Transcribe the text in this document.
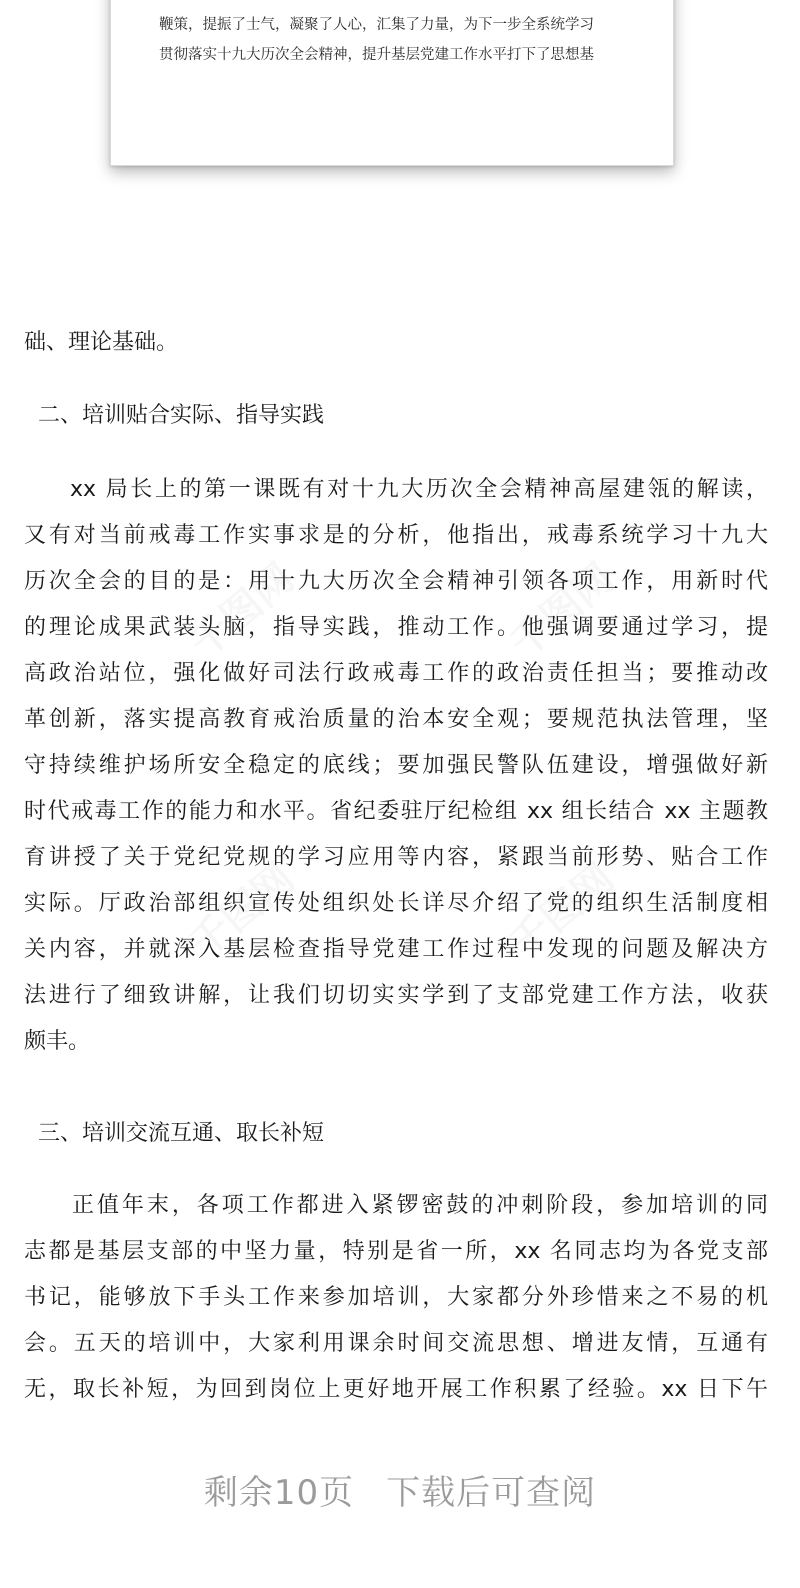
鞭策，提振了士气，凝聚了人心，汇集了力量，为下一步全系统学习
贯彻落实十九大历次全会精神，提升基层党建工作水平打下了思想基
础、理论基础。
二、培训贴合实际、指导实践
xx 局长上的第一课既有对十九大历次全会精神高屋建瓴的解读，
又有对当前戒毒工作实事求是的分析，他指出，戒毒系统学习十九大
历次全会的目的是：用十九大历次全会精神引领各项工作，用新时代
的理论成果武装头脑，指导实践，推动工作。他强调要通过学习，提
高政治站位，强化做好司法行政戒毒工作的政治责任担当；要推动改
革创新，落实提高教育戒治质量的治本安全观；要规范执法管理，坚
守持续维护场所安全稳定的底线；要加强民警队伍建设，增强做好新
时代戒毒工作的能力和水平。省纪委驻厅纪检组 xx 组长结合 xx 主题教
育讲授了关于党纪党规的学习应用等内容，紧跟当前形势、贴合工作
实际。厅政治部组织宣传处组织处长详尽介绍了党的组织生活制度相
关内容，并就深入基层检查指导党建工作过程中发现的问题及解决方
法进行了细致讲解，让我们切切实实学到了支部党建工作方法，收获
颇丰。
三、培训交流互通、取长补短
正值年末，各项工作都进入紧锣密鼓的冲刺阶段，参加培训的同
志都是基层支部的中坚力量，特别是省一所，xx 名同志均为各党支部
书记，能够放下手头工作来参加培训，大家都分外珍惜来之不易的机
会。五天的培训中，大家利用课余时间交流思想、增进友情，互通有
无，取长补短，为回到岗位上更好地开展工作积累了经验。xx 日下午
剩余10页 下载后可查阅
